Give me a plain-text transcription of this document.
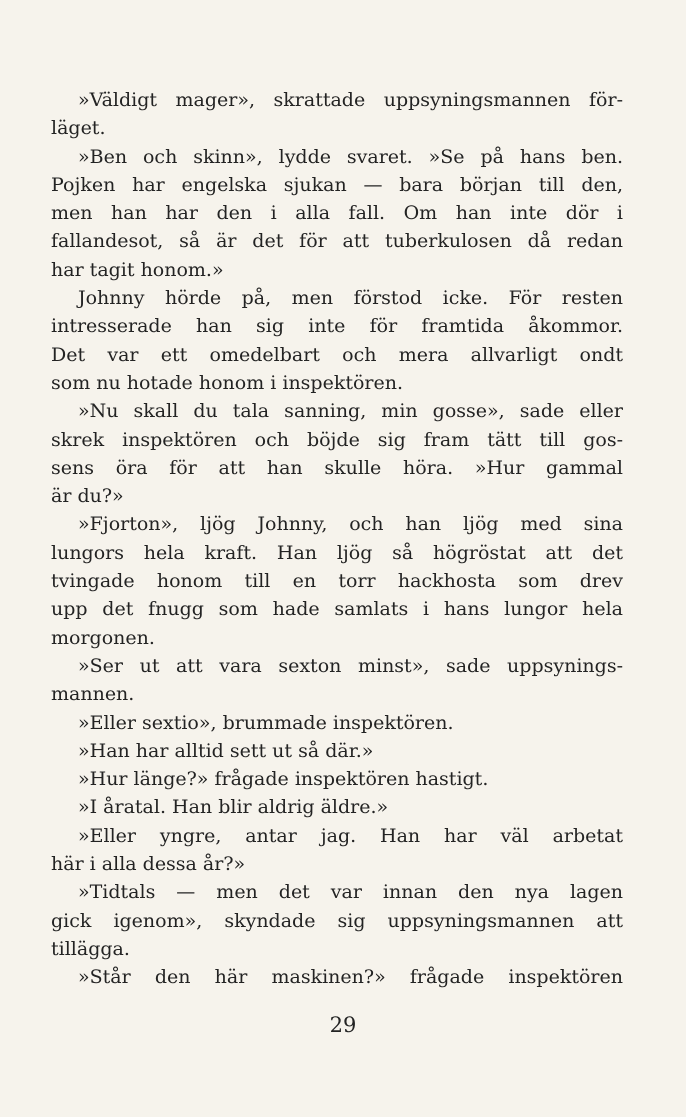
»Väldigt mager», skrattade uppsyningsmannen för-
läget.
»Ben och skinn», lydde svaret. »Se på hans ben.
Pojken har engelska sjukan — bara början till den,
men han har den i alla fall. Om han inte dör i
fallandesot, så är det för att tuberkulosen då redan
har tagit honom.»
Johnny hörde på, men förstod icke. För resten
intresserade han sig inte för framtida åkommor.
Det var ett omedelbart och mera allvarligt ondt
som nu hotade honom i inspektören.
»Nu skall du tala sanning, min gosse», sade eller
skrek inspektören och böjde sig fram tätt till gos-
sens öra för att han skulle höra. »Hur gammal
är du?»
»Fjorton», ljög Johnny, och han ljög med sina
lungors hela kraft. Han ljög så högröstat att det
tvingade honom till en torr hackhosta som drev
upp det fnugg som hade samlats i hans lungor hela
morgonen.
»Ser ut att vara sexton minst», sade uppsynings-
mannen.
»Eller sextio», brummade inspektören.
»Han har alltid sett ut så där.»
»Hur länge?» frågade inspektören hastigt.
»I åratal. Han blir aldrig äldre.»
»Eller yngre, antar jag. Han har väl arbetat
här i alla dessa år?»
»Tidtals — men det var innan den nya lagen
gick igenom», skyndade sig uppsyningsmannen att
tillägga.
»Står den här maskinen?» frågade inspektören
29
